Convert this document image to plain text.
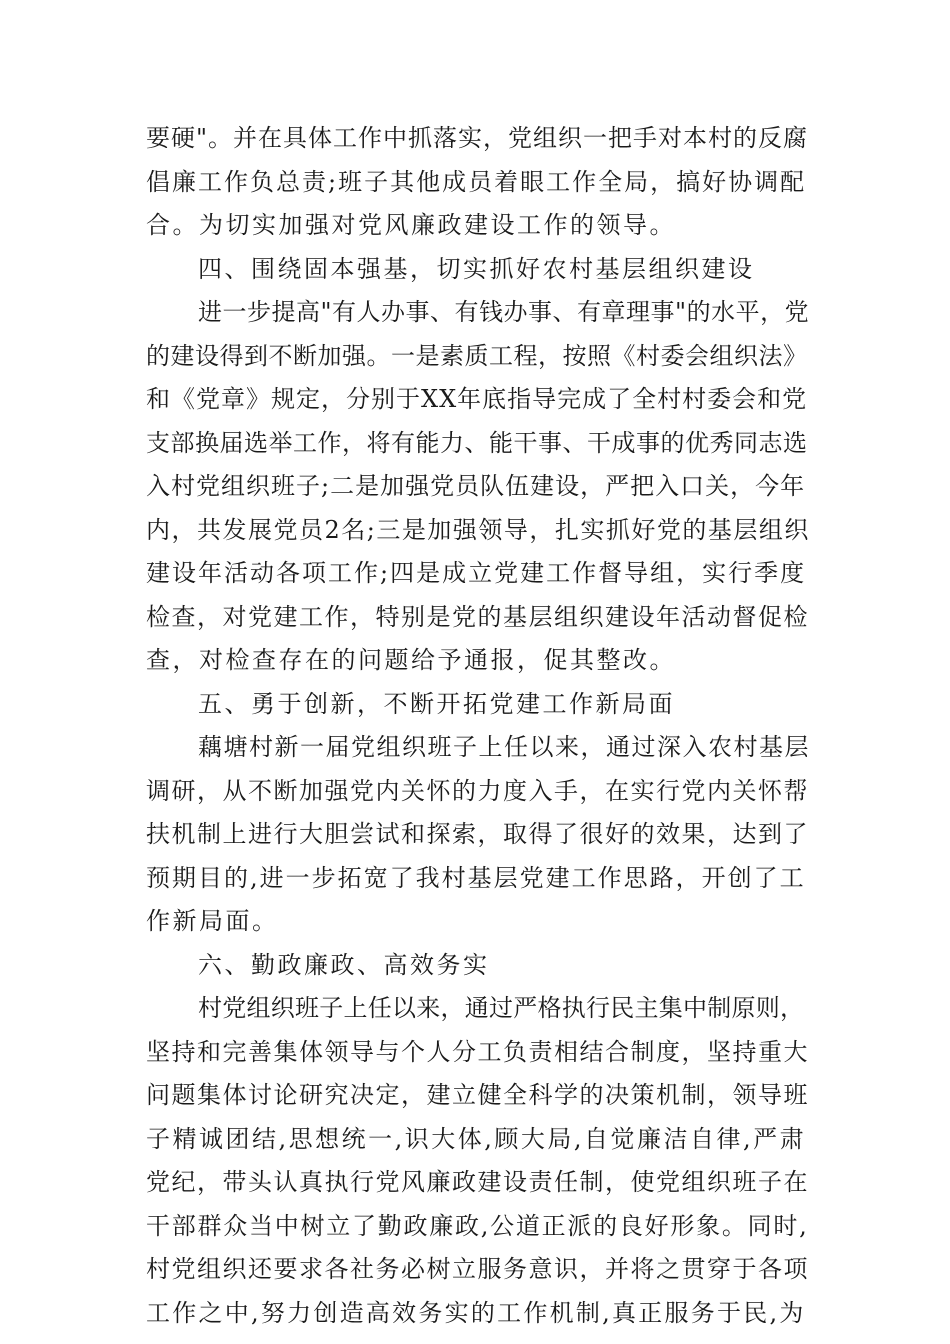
要硬"。并在具体工作中抓落实，党组织一把手对本村的反腐
倡廉工作负总责;班子其他成员着眼工作全局，搞好协调配
合。为切实加强对党风廉政建设工作的领导。
四、围绕固本强基，切实抓好农村基层组织建设
进一步提高"有人办事、有钱办事、有章理事"的水平，党
的建设得到不断加强。一是素质工程，按照《村委会组织法》
和《党章》规定，分别于XX年底指导完成了全村村委会和党
支部换届选举工作，将有能力、能干事、干成事的优秀同志选
入村党组织班子;二是加强党员队伍建设，严把入口关，今年
内，共发展党员2名;三是加强领导，扎实抓好党的基层组织
建设年活动各项工作;四是成立党建工作督导组，实行季度
检查，对党建工作，特别是党的基层组织建设年活动督促检
查，对检查存在的问题给予通报，促其整改。
五、勇于创新，不断开拓党建工作新局面
藕塘村新一届党组织班子上任以来，通过深入农村基层
调研，从不断加强党内关怀的力度入手，在实行党内关怀帮
扶机制上进行大胆尝试和探索，取得了很好的效果，达到了
预期目的,进一步拓宽了我村基层党建工作思路，开创了工
作新局面。
六、勤政廉政、高效务实
村党组织班子上任以来，通过严格执行民主集中制原则，
坚持和完善集体领导与个人分工负责相结合制度，坚持重大
问题集体讨论研究决定，建立健全科学的决策机制，领导班
子精诚团结,思想统一,识大体,顾大局,自觉廉洁自律,严肃
党纪，带头认真执行党风廉政建设责任制，使党组织班子在
干部群众当中树立了勤政廉政,公道正派的良好形象。同时,
村党组织还要求各社务必树立服务意识，并将之贯穿于各项
工作之中,努力创造高效务实的工作机制,真正服务于民,为
